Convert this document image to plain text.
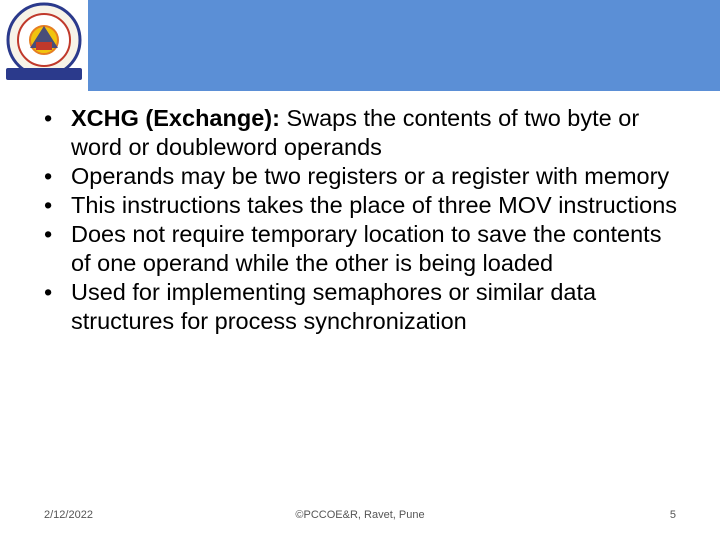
• XCHG (Exchange): Swaps the contents of two byte or word or doubleword operands
• Operands may be two registers or a register with memory
• This instructions takes the place of three MOV instructions
• Does not require temporary location to save the contents of one operand while the other is being loaded
• Used for implementing semaphores or similar data structures for process synchronization
2/12/2022	©PCCOE&R, Ravet, Pune	5
